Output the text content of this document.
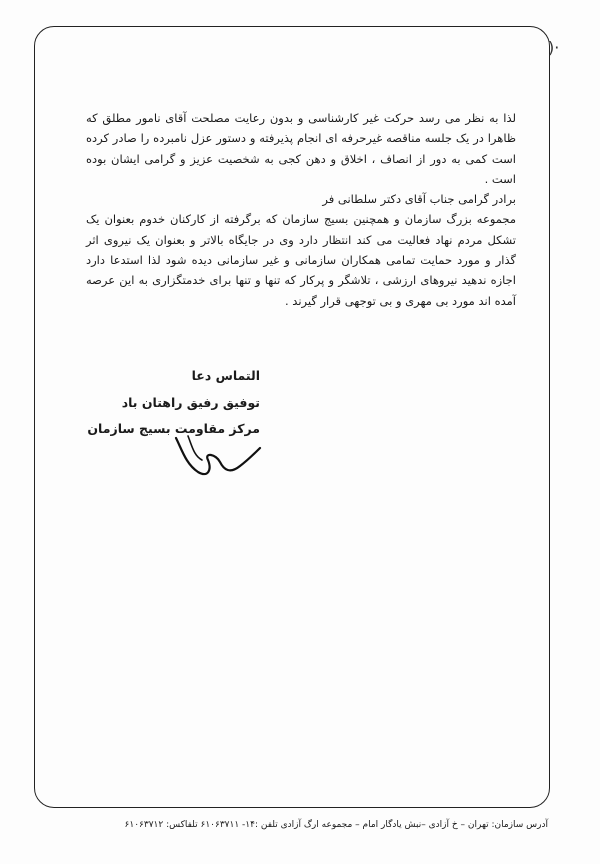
)·

لذا به نظر می رسد حرکت غیر کارشناسی و بدون رعایت مصلحت آقای نامور مطلق که ظاهرا در یک جلسه مناقصه غیرحرفه ای انجام پذیرفته و دستور عزل نامبرده را صادر کرده است کمی به دور از انصاف ، اخلاق و دهن کجی به شخصیت عزیز و گرامی ایشان بوده است .

برادر گرامی جناب آقای دکتر سلطانی فر

مجموعه بزرگ سازمان و همچنین بسیج سازمان که برگرفته از کارکنان خدوم بعنوان یک تشکل مردم نهاد فعالیت می کند انتظار دارد وی در جایگاه بالاتر و بعنوان یک نیروی اثر گذار و مورد حمایت تمامی همکاران سازمانی و غیر سازمانی دیده شود لذا استدعا دارد اجازه ندهید نیروهای ارزشی ، تلاشگر و پرکار که تنها و تنها برای خدمتگزاری به این عرصه آمده اند مورد بی مهری و بی توجهی قرار گیرند .

التماس دعا
توفیق رفیق راهتان باد
مرکز مقاومت بسیج سازمان
آدرس سازمان: تهران – خ آزادی –نبش یادگار امام – مجموعه ارگ آزادی تلفن :۱۴- ۶۱۰۶۳۷۱۱ تلفاکس: ۶۱۰۶۳۷۱۲
